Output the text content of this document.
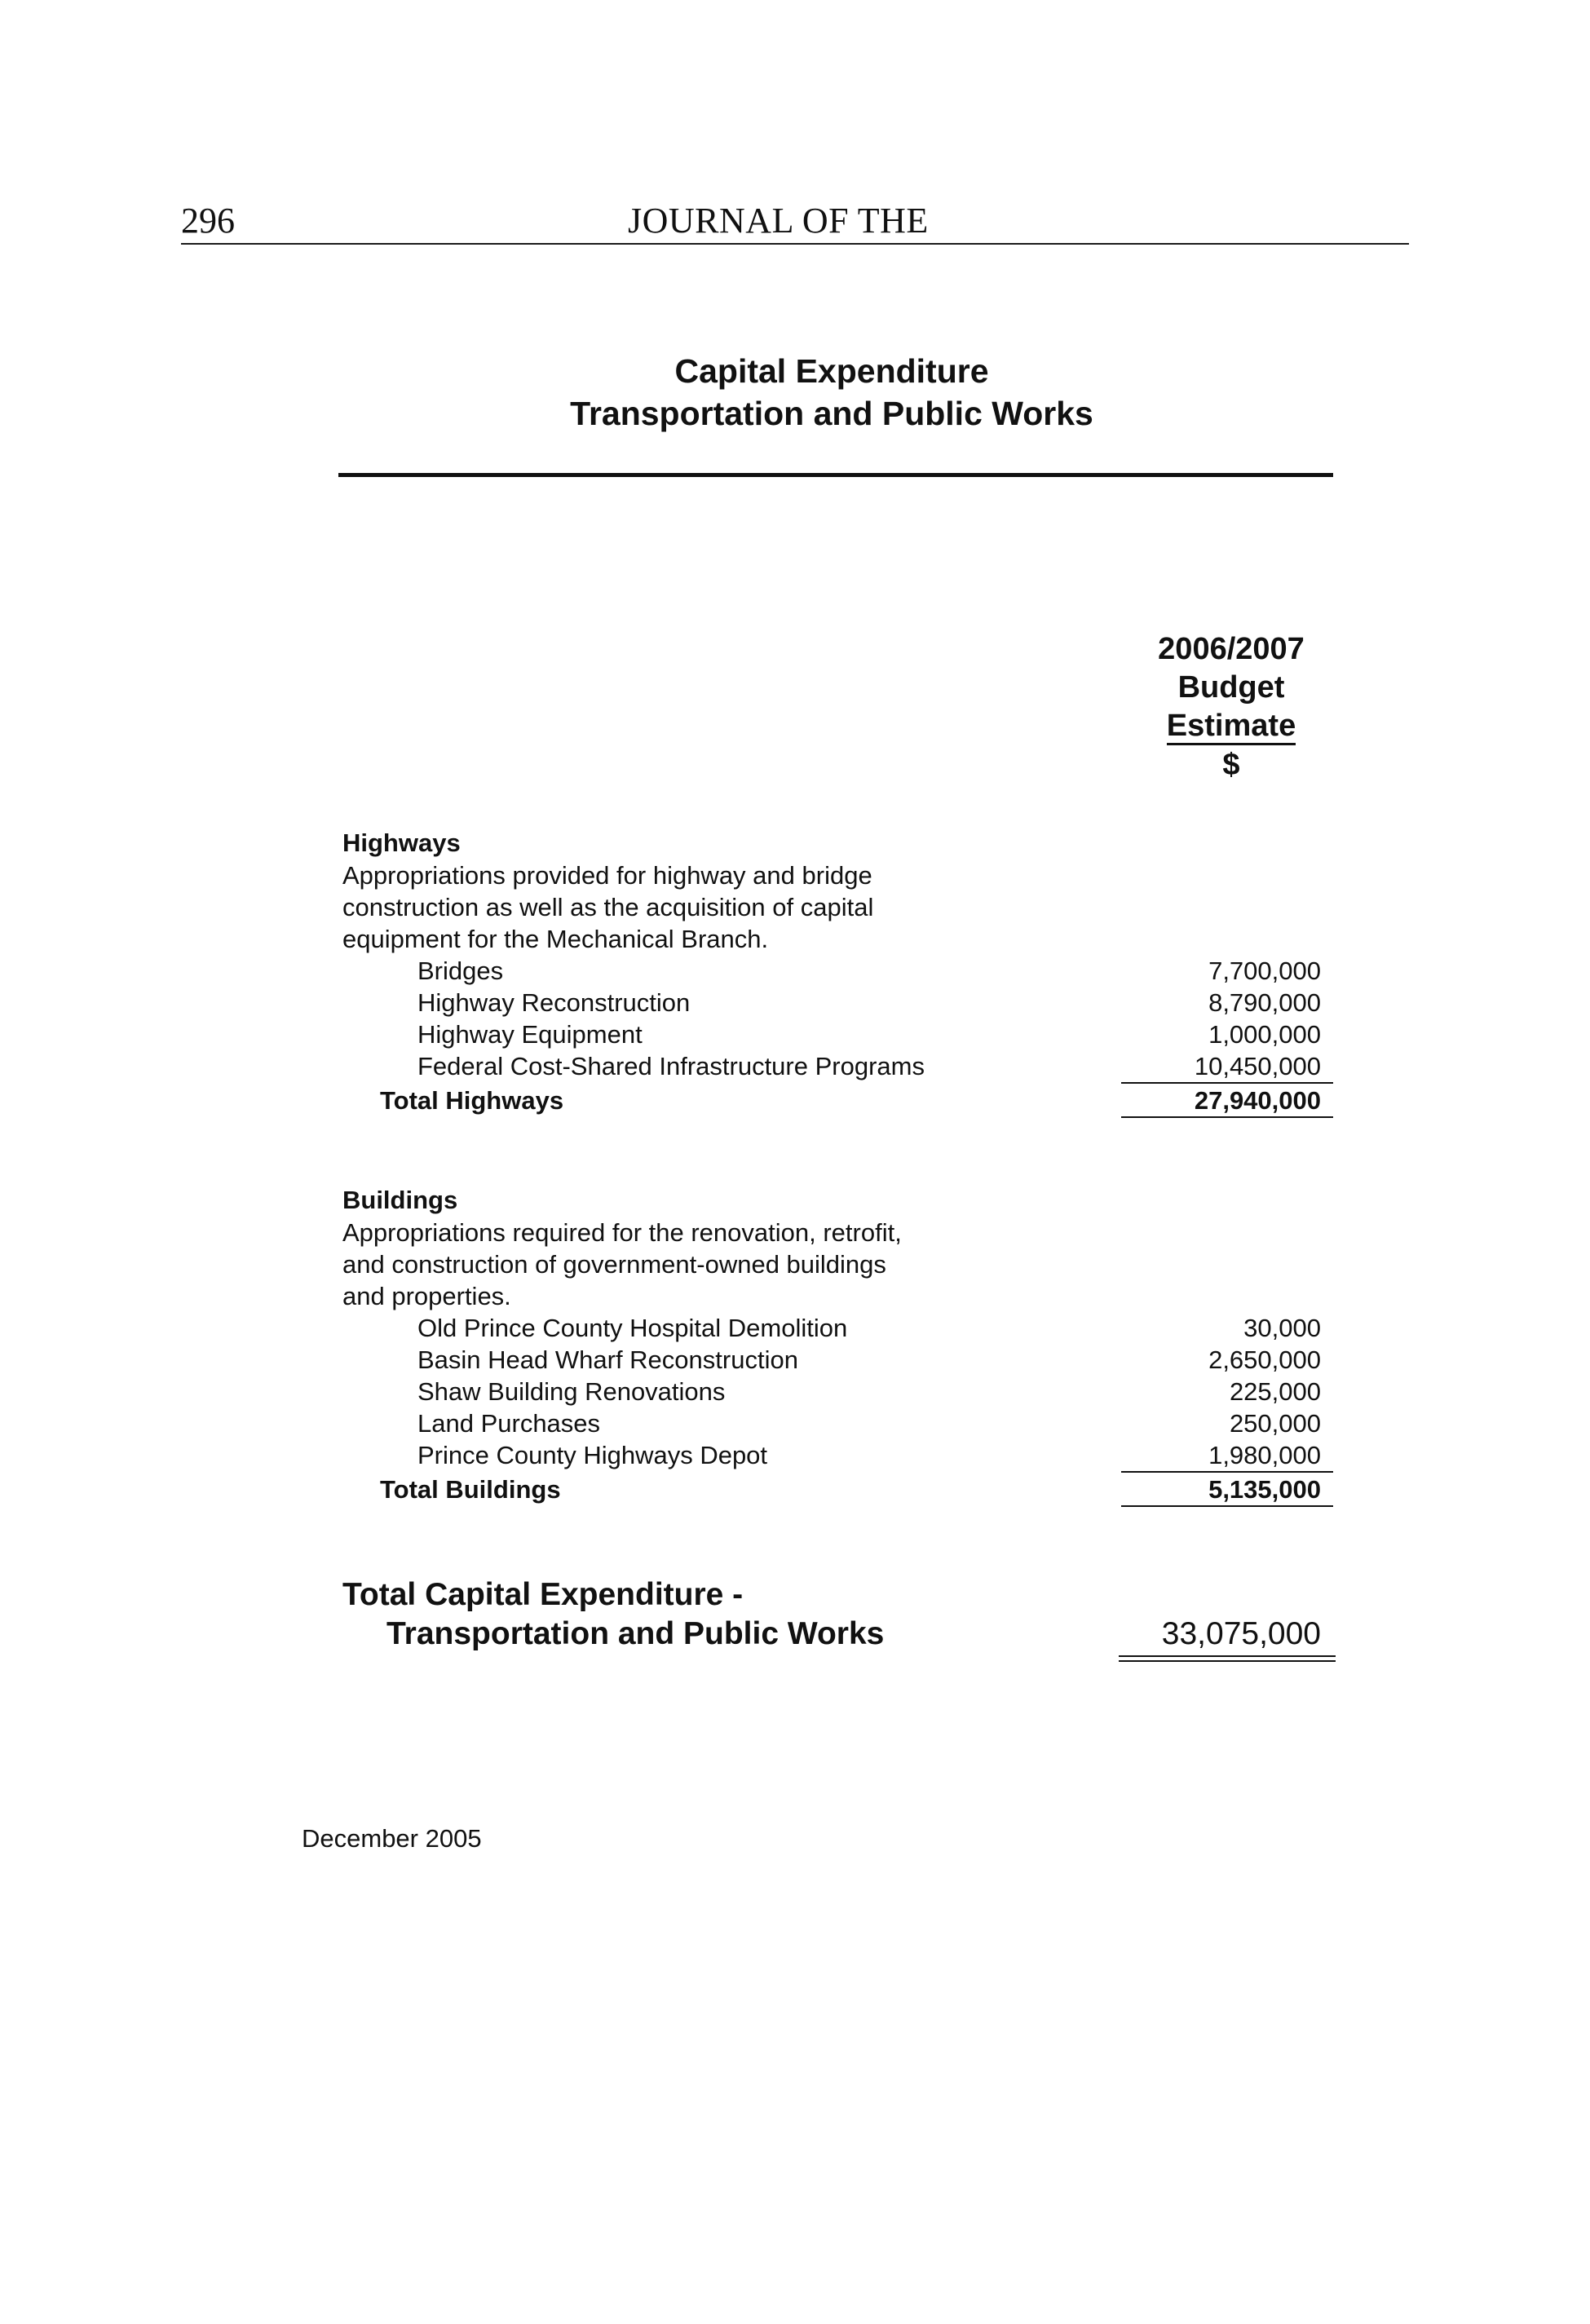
296	JOURNAL OF THE
Capital Expenditure
Transportation and Public Works
2006/2007
Budget
Estimate
$
Highways
Appropriations provided for highway and bridge
construction as well as the acquisition of capital
equipment for the Mechanical Branch.
Bridges	7,700,000
Highway Reconstruction	8,790,000
Highway Equipment	1,000,000
Federal Cost-Shared Infrastructure Programs	10,450,000
Total Highways	27,940,000
Buildings
Appropriations required for the renovation, retrofit,
and construction of government-owned buildings
and properties.
Old Prince County Hospital Demolition	30,000
Basin Head Wharf Reconstruction	2,650,000
Shaw Building Renovations	225,000
Land Purchases	250,000
Prince County Highways Depot	1,980,000
Total Buildings	5,135,000
Total Capital Expenditure -
Transportation and Public Works	33,075,000
December 2005
